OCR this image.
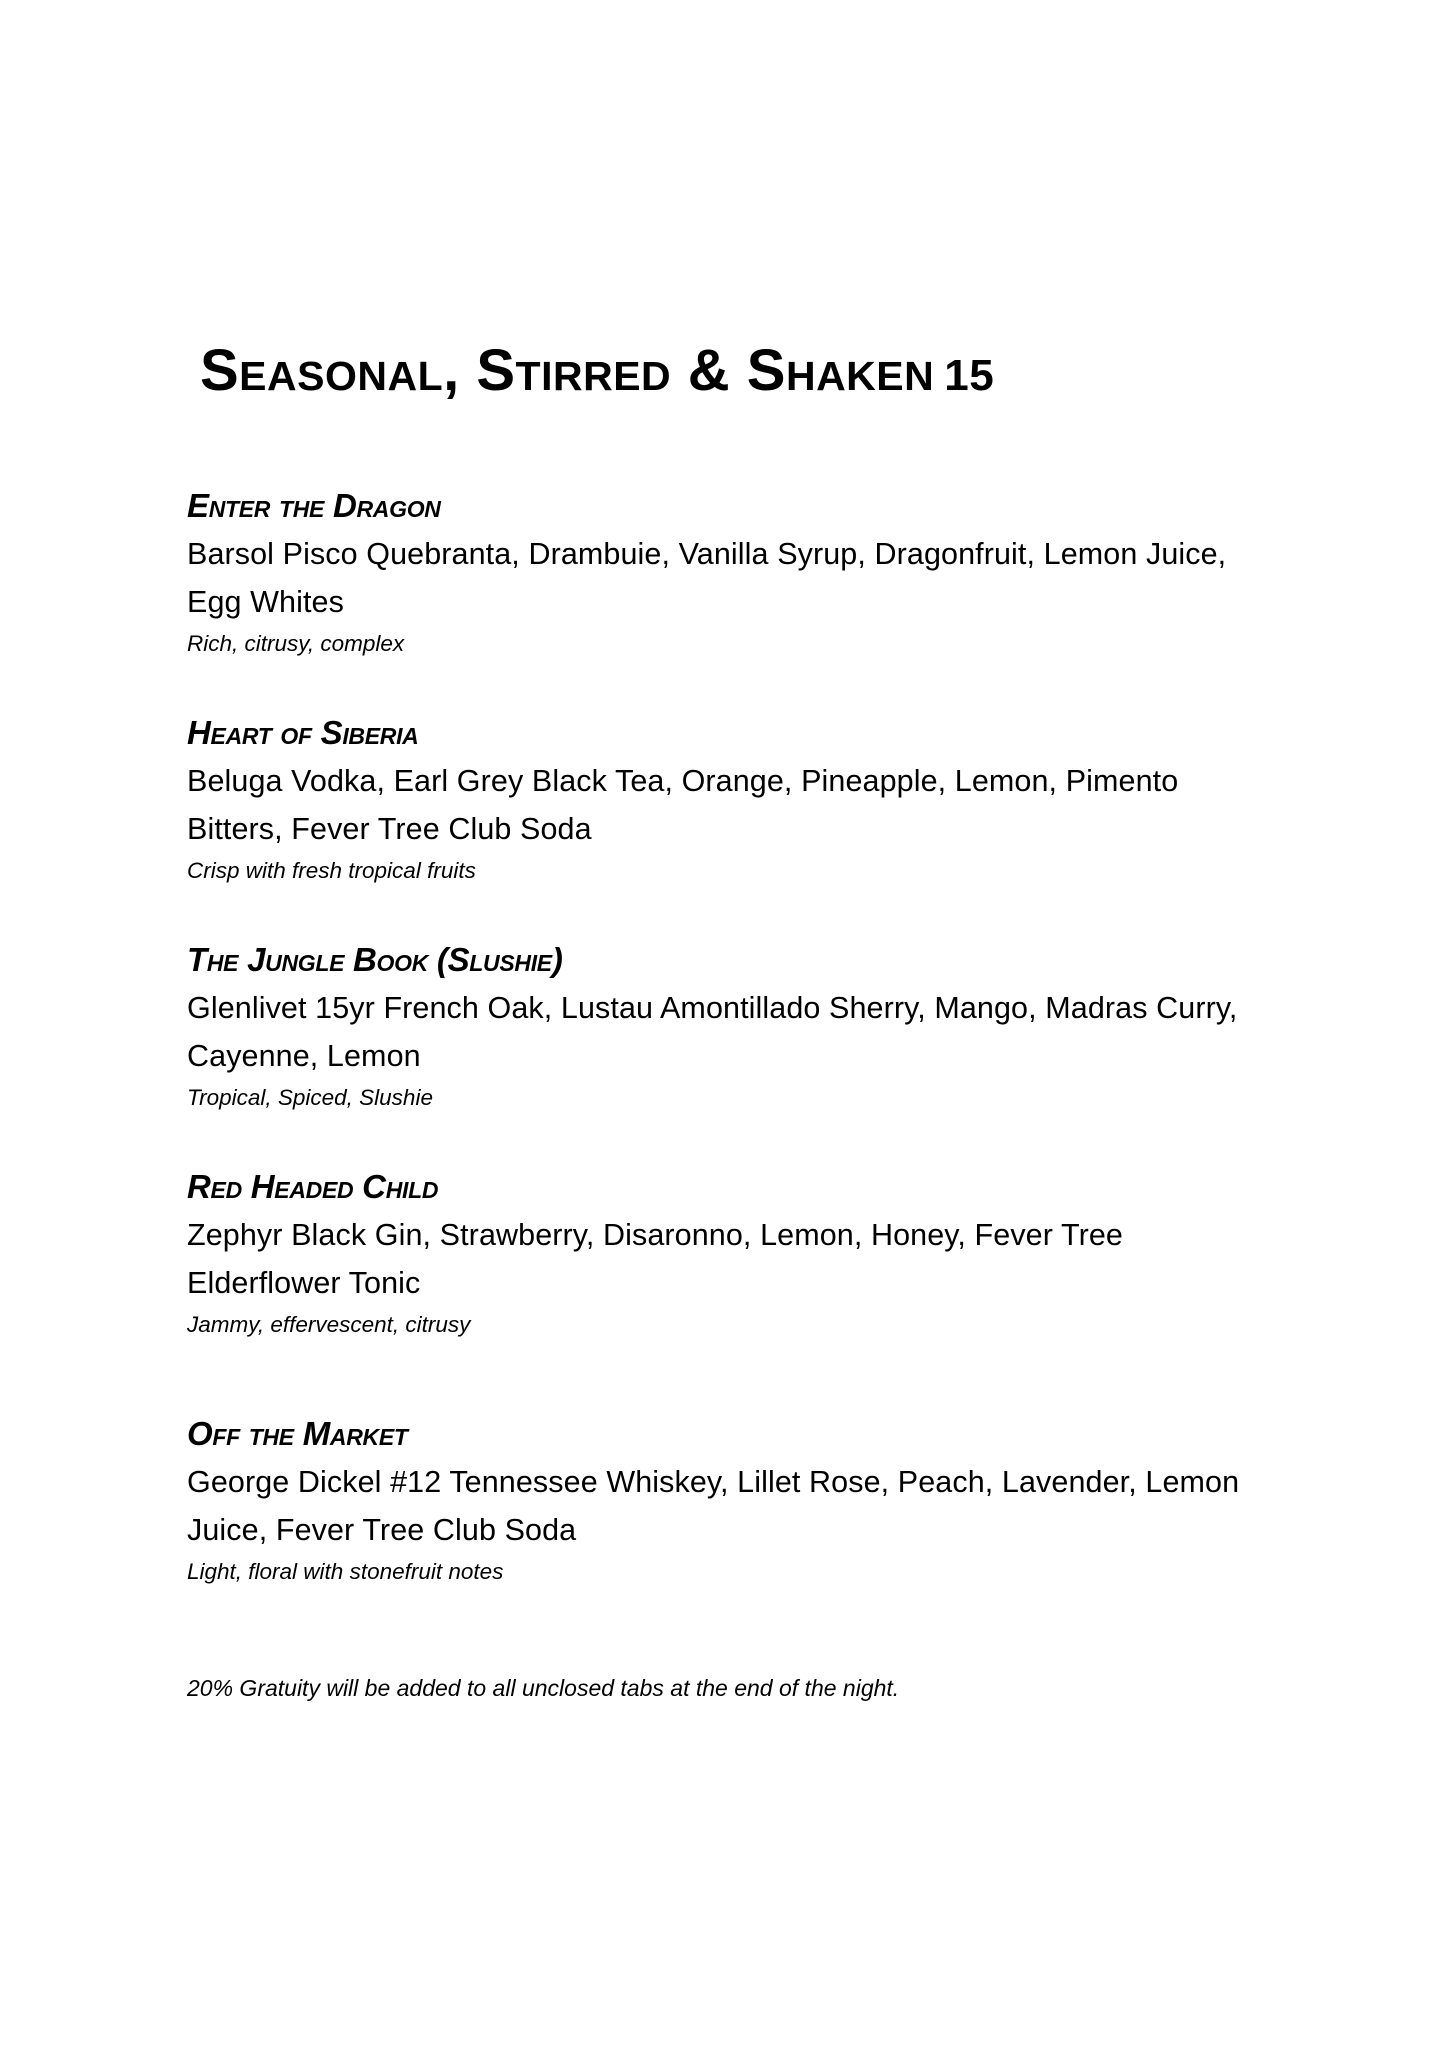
Seasonal, Stirred & Shaken 15

Enter the Dragon

Barsol Pisco Quebranta, Drambuie, Vanilla Syrup, Dragonfruit, Lemon Juice, Egg Whites

Rich, citrusy, complex

Heart of Siberia

Beluga Vodka, Earl Grey Black Tea, Orange, Pineapple, Lemon, Pimento Bitters, Fever Tree Club Soda

Crisp with fresh tropical fruits

The Jungle Book (Slushie)

Glenlivet 15yr French Oak, Lustau Amontillado Sherry, Mango, Madras Curry, Cayenne, Lemon

Tropical, Spiced, Slushie

Red Headed Child

Zephyr Black Gin, Strawberry, Disaronno, Lemon, Honey, Fever Tree Elderflower Tonic

Jammy, effervescent, citrusy

Off the Market

George Dickel #12 Tennessee Whiskey, Lillet Rose, Peach, Lavender, Lemon Juice, Fever Tree Club Soda

Light, floral with stonefruit notes

20% Gratuity will be added to all unclosed tabs at the end of the night.
